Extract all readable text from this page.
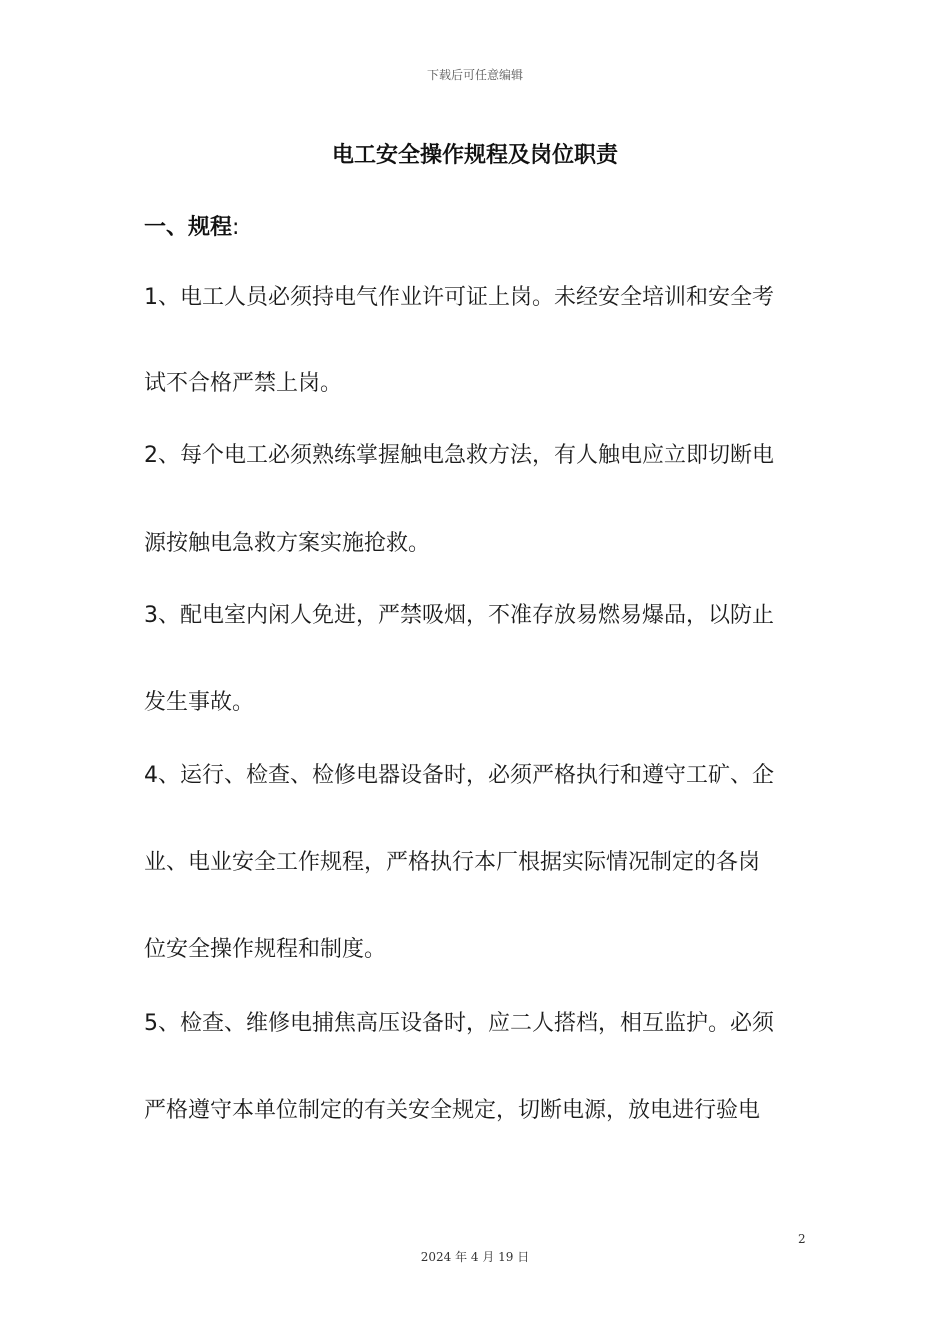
下载后可任意编辑
电工安全操作规程及岗位职责
一、规程:
1、电工人员必须持电气作业许可证上岗。未经安全培训和安全考
试不合格严禁上岗。
2、每个电工必须熟练掌握触电急救方法，有人触电应立即切断电
源按触电急救方案实施抢救。
3、配电室内闲人免进，严禁吸烟，不准存放易燃易爆品，以防止
发生事故。
4、运行、检查、检修电器设备时，必须严格执行和遵守工矿、企
业、电业安全工作规程，严格执行本厂根据实际情况制定的各岗
位安全操作规程和制度。
5、检查、维修电捕焦高压设备时，应二人搭档，相互监护。必须
严格遵守本单位制定的有关安全规定，切断电源，放电进行验电
2
2024 年 4 月 19 日
